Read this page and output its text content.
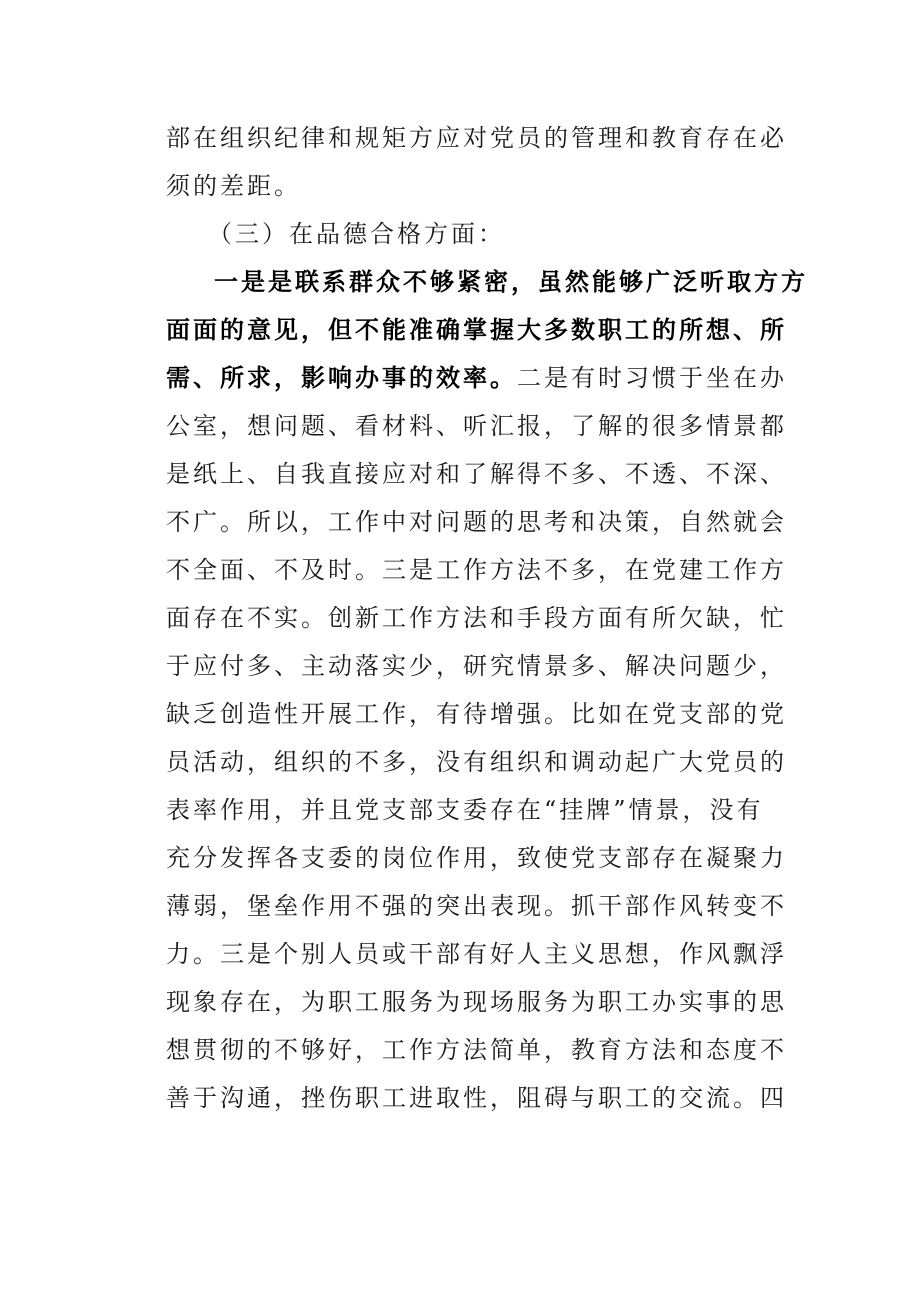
部在组织纪律和规矩方应对党员的管理和教育存在必
须的差距。
（三）在品德合格方面：
一是是联系群众不够紧密，虽然能够广泛听取方方
面面的意见，但不能准确掌握大多数职工的所想、所
需、所求，影响办事的效率。二是有时习惯于坐在办
公室，想问题、看材料、听汇报，了解的很多情景都
是纸上、自我直接应对和了解得不多、不透、不深、
不广。所以，工作中对问题的思考和决策，自然就会
不全面、不及时。三是工作方法不多，在党建工作方
面存在不实。创新工作方法和手段方面有所欠缺，忙
于应付多、主动落实少，研究情景多、解决问题少，
缺乏创造性开展工作，有待增强。比如在党支部的党
员活动，组织的不多，没有组织和调动起广大党员的
表率作用，并且党支部支委存在“挂牌”情景，没有
充分发挥各支委的岗位作用，致使党支部存在凝聚力
薄弱，堡垒作用不强的突出表现。抓干部作风转变不
力。三是个别人员或干部有好人主义思想，作风飘浮
现象存在，为职工服务为现场服务为职工办实事的思
想贯彻的不够好，工作方法简单，教育方法和态度不
善于沟通，挫伤职工进取性，阻碍与职工的交流。四
